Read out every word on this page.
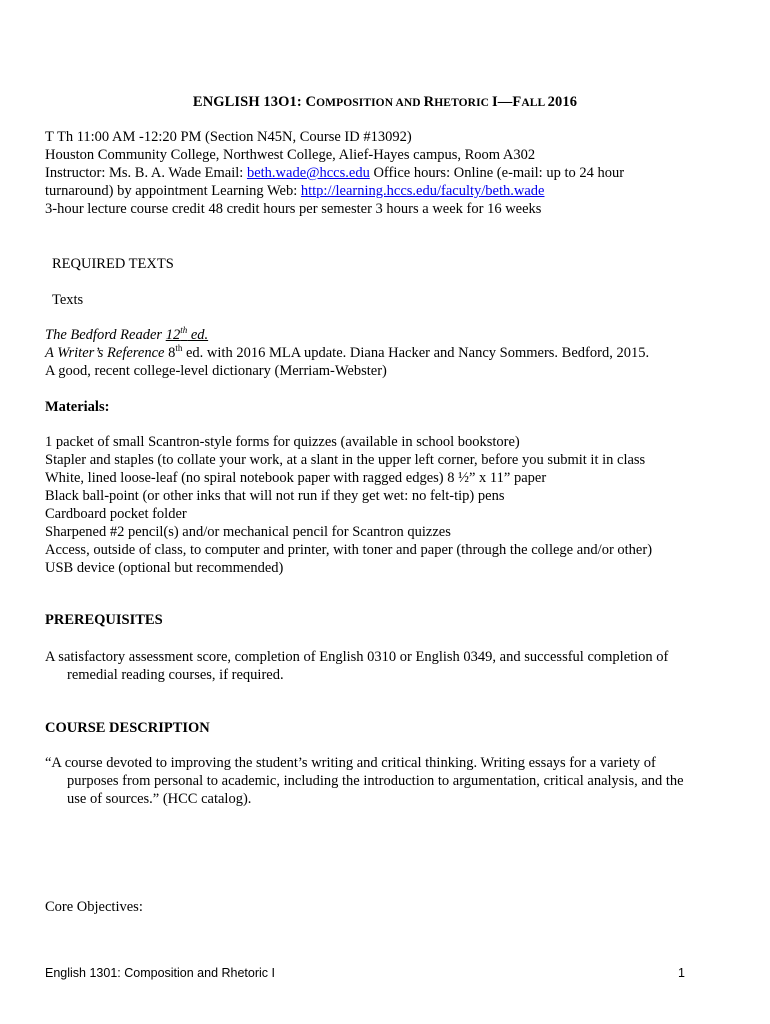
ENGLISH 13O1: COMPOSITION AND RHETORIC I—FALL 2016
T Th 11:00 AM -12:20 PM (Section N45N, Course ID #13092)
Houston Community College, Northwest College, Alief-Hayes campus, Room A302
Instructor: Ms. B. A. Wade Email: beth.wade@hccs.edu Office hours: Online (e-mail: up to 24 hour
turnaround) by appointment Learning Web: http://learning.hccs.edu/faculty/beth.wade
3-hour lecture course credit 48 credit hours per semester 3 hours a week for 16 weeks
REQUIRED TEXTS
Texts
The Bedford Reader 12th ed.
A Writer’s Reference 8th ed. with 2016 MLA update. Diana Hacker and Nancy Sommers. Bedford, 2015.
A good, recent college-level dictionary (Merriam-Webster)
Materials:
1 packet of small Scantron-style forms for quizzes (available in school bookstore)
Stapler and staples (to collate your work, at a slant in the upper left corner, before you submit it in class
White, lined loose-leaf (no spiral notebook paper with ragged edges) 8 ½” x 11” paper
Black ball-point (or other inks that will not run if they get wet: no felt-tip) pens
Cardboard pocket folder
Sharpened #2 pencil(s) and/or mechanical pencil for Scantron quizzes
Access, outside of class, to computer and printer, with toner and paper (through the college and/or other)
USB device (optional but recommended)
PREREQUISITES
A satisfactory assessment score, completion of English 0310 or English 0349, and successful completion of remedial reading courses, if required.
COURSE DESCRIPTION
“A course devoted to improving the student’s writing and critical thinking. Writing essays for a variety of purposes from personal to academic, including the introduction to argumentation, critical analysis, and the use of sources.” (HCC catalog).
Core Objectives:
English 1301: Composition and Rhetoric I	1
